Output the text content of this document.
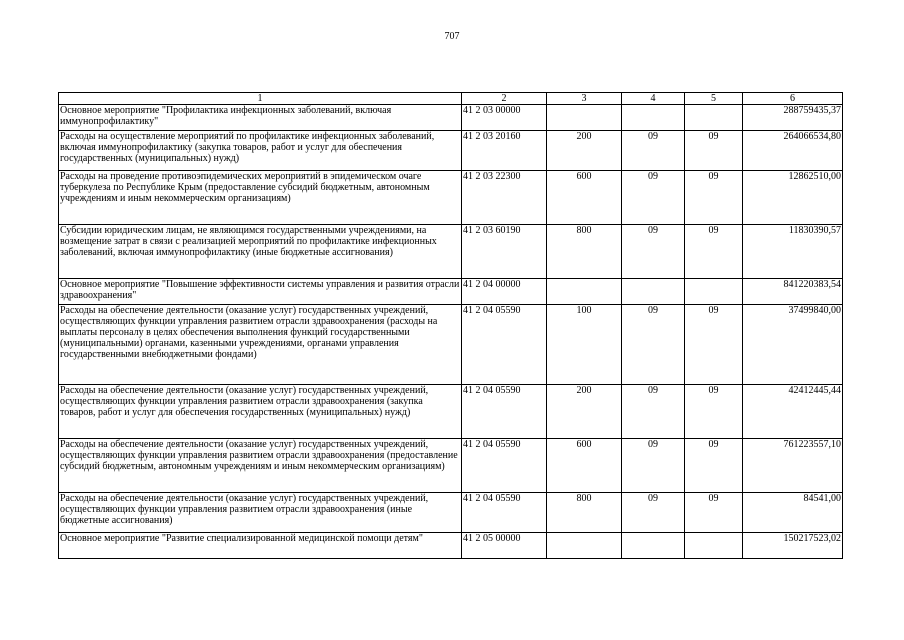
707
1	2	3	4	5	6
Основное мероприятие "Профилактика инфекционных заболеваний, включая иммунопрофилактику"	41 2 03 00000				288759435,37
Расходы на осуществление мероприятий по профилактике инфекционных заболеваний, включая иммунопрофилактику (закупка товаров, работ и услуг для обеспечения государственных (муниципальных) нужд)	41 2 03 20160	200	09	09	264066534,80
Расходы на проведение противоэпидемических мероприятий в эпидемическом очаге туберкулеза по Республике Крым (предоставление субсидий бюджетным, автономным учреждениям и иным некоммерческим организациям)	41 2 03 22300	600	09	09	12862510,00
Субсидии юридическим лицам, не являющимся государственными учреждениями, на возмещение затрат в связи с реализацией мероприятий по профилактике инфекционных заболеваний, включая иммунопрофилактику (иные бюджетные ассигнования)	41 2 03 60190	800	09	09	11830390,57
Основное мероприятие "Повышение эффективности системы управления и развития отрасли здравоохранения"	41 2 04 00000				841220383,54
Расходы на обеспечение деятельности (оказание услуг) государственных учреждений, осуществляющих функции управления развитием отрасли здравоохранения (расходы на выплаты персоналу в целях обеспечения выполнения функций государственными (муниципальными) органами, казенными учреждениями, органами управления государственными внебюджетными фондами)	41 2 04 05590	100	09	09	37499840,00
Расходы на обеспечение деятельности (оказание услуг) государственных учреждений, осуществляющих функции управления развитием отрасли здравоохранения (закупка товаров, работ и услуг для обеспечения государственных (муниципальных) нужд)	41 2 04 05590	200	09	09	42412445,44
Расходы на обеспечение деятельности (оказание услуг) государственных учреждений, осуществляющих функции управления развитием отрасли здравоохранения (предоставление субсидий бюджетным, автономным учреждениям и иным некоммерческим организациям)	41 2 04 05590	600	09	09	761223557,10
Расходы на обеспечение деятельности (оказание услуг) государственных учреждений, осуществляющих функции управления развитием отрасли здравоохранения (иные бюджетные ассигнования)	41 2 04 05590	800	09	09	84541,00
Основное мероприятие "Развитие специализированной медицинской помощи детям"	41 2 05 00000				150217523,02
